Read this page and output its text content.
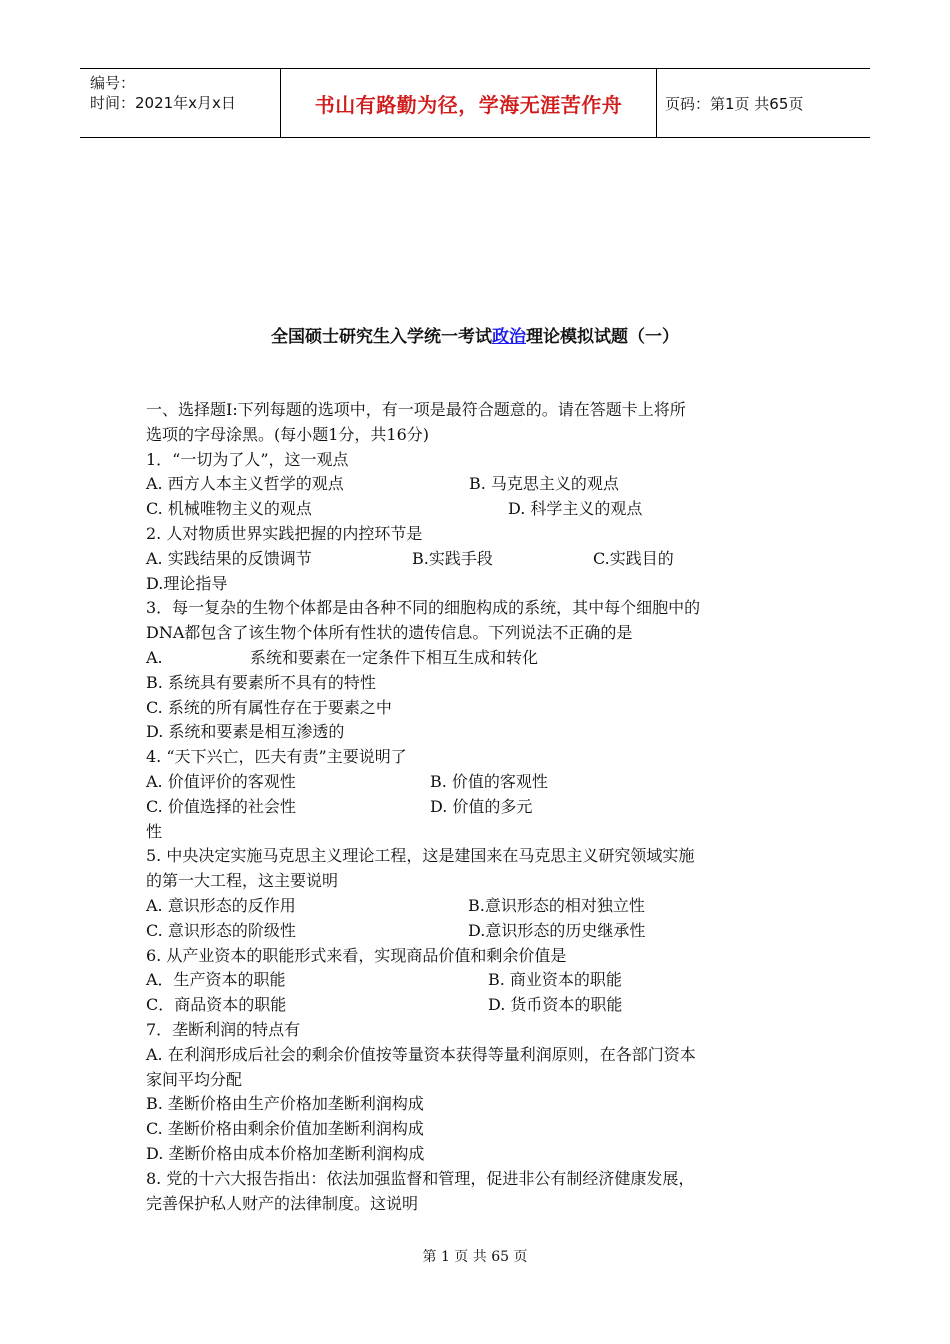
编号：
时间：2021年x月x日	书山有路勤为径，学海无涯苦作舟	页码：第1页 共65页
全国硕士研究生入学统一考试政治理论模拟试题（一）
一、选择题Ⅰ:下列每题的选项中，有一项是最符合题意的。请在答题卡上将所
选项的字母涂黑。(每小题1分，共16分)
1．“一切为了人”，这一观点
A. 西方人本主义哲学的观点	B. 马克思主义的观点
C. 机械唯物主义的观点	D. 科学主义的观点
2. 人对物质世界实践把握的内控环节是
A. 实践结果的反馈调节	B.实践手段	C.实践目的
D.理论指导
3．每一复杂的生物个体都是由各种不同的细胞构成的系统，其中每个细胞中的
DNA都包含了该生物个体所有性状的遗传信息。下列说法不正确的是
A.	系统和要素在一定条件下相互生成和转化
B. 系统具有要素所不具有的特性
C. 系统的所有属性存在于要素之中
D. 系统和要素是相互渗透的
4. “天下兴亡，匹夫有责”主要说明了
A. 价值评价的客观性	B. 价值的客观性
C. 价值选择的社会性	D. 价值的多元
性
5. 中央决定实施马克思主义理论工程，这是建国来在马克思主义研究领域实施
的第一大工程，这主要说明
A. 意识形态的反作用	B.意识形态的相对独立性
C. 意识形态的阶级性	D.意识形态的历史继承性
6. 从产业资本的职能形式来看，实现商品价值和剩余价值是
A．生产资本的职能	B. 商业资本的职能
C．商品资本的职能	D. 货币资本的职能
7．垄断利润的特点有
A. 在利润形成后社会的剩余价值按等量资本获得等量利润原则，在各部门资本
家间平均分配
B. 垄断价格由生产价格加垄断利润构成
C. 垄断价格由剩余价值加垄断利润构成
D. 垄断价格由成本价格加垄断利润构成
8. 党的十六大报告指出：依法加强监督和管理，促进非公有制经济健康发展，
完善保护私人财产的法律制度。这说明
第 1 页 共 65 页
